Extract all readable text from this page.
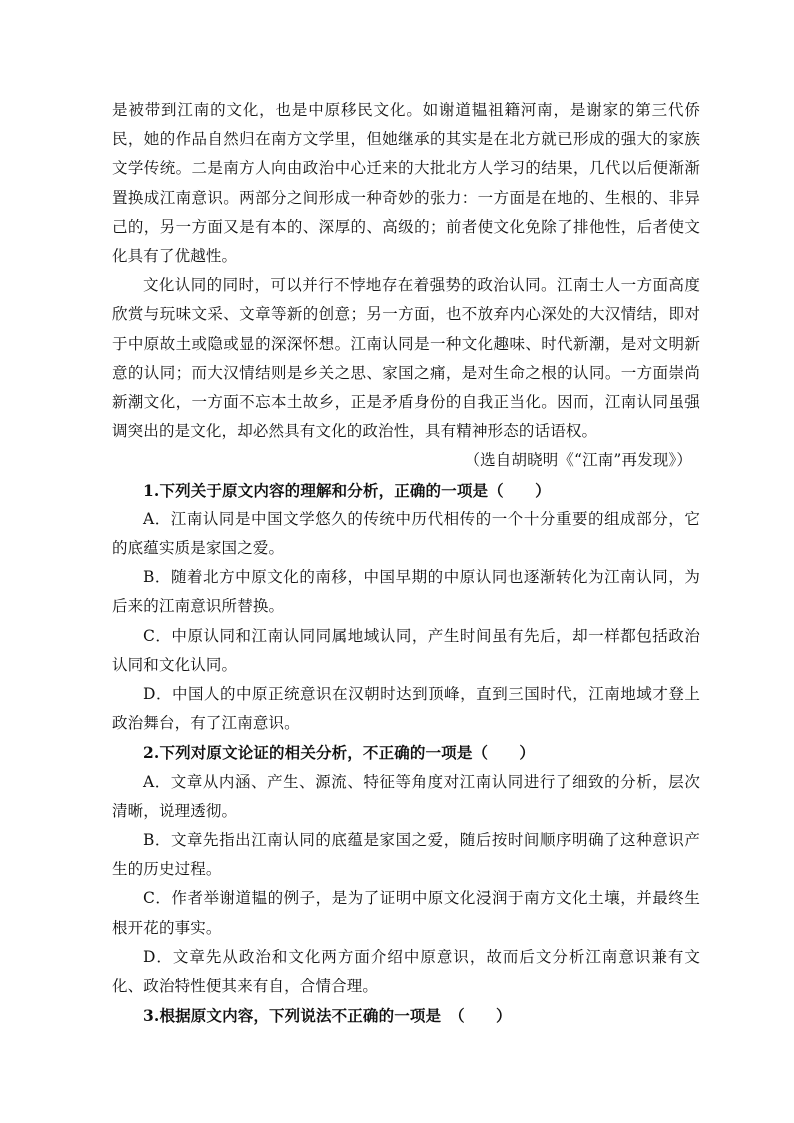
是被带到江南的文化，也是中原移民文化。如谢道韫祖籍河南，是谢家的第三代侨民，她的作品自然归在南方文学里，但她继承的其实是在北方就已形成的强大的家族文学传统。二是南方人向由政治中心迁来的大批北方人学习的结果，几代以后便渐渐置换成江南意识。两部分之间形成一种奇妙的张力：一方面是在地的、生根的、非异己的，另一方面又是有本的、深厚的、高级的；前者使文化免除了排他性，后者使文化具有了优越性。

文化认同的同时，可以并行不悖地存在着强势的政治认同。江南士人一方面高度欣赏与玩味文采、文章等新的创意；另一方面，也不放弃内心深处的大汉情结，即对于中原故土或隐或显的深深怀想。江南认同是一种文化趣味、时代新潮，是对文明新意的认同；而大汉情结则是乡关之思、家国之痛，是对生命之根的认同。一方面崇尚新潮文化，一方面不忘本土故乡，正是矛盾身份的自我正当化。因而，江南认同虽强调突出的是文化，却必然具有文化的政治性，具有精神形态的话语权。

（选自胡晓明《“江南”再发现》）

1.下列关于原文内容的理解和分析，正确的一项是（　　）

A．江南认同是中国文学悠久的传统中历代相传的一个十分重要的组成部分，它的底蕴实质是家国之爱。

B．随着北方中原文化的南移，中国早期的中原认同也逐渐转化为江南认同，为后来的江南意识所替换。

C．中原认同和江南认同同属地域认同，产生时间虽有先后，却一样都包括政治认同和文化认同。

D．中国人的中原正统意识在汉朝时达到顶峰，直到三国时代，江南地域才登上政治舞台，有了江南意识。

2.下列对原文论证的相关分析，不正确的一项是（　　）

A．文章从内涵、产生、源流、特征等角度对江南认同进行了细致的分析，层次清晰，说理透彻。

B．文章先指出江南认同的底蕴是家国之爱，随后按时间顺序明确了这种意识产生的历史过程。

C．作者举谢道韫的例子，是为了证明中原文化浸润于南方文化土壤，并最终生根开花的事实。

D．文章先从政治和文化两方面介绍中原意识，故而后文分析江南意识兼有文化、政治特性便其来有自，合情合理。

3.根据原文内容，下列说法不正确的一项是　（　　）
